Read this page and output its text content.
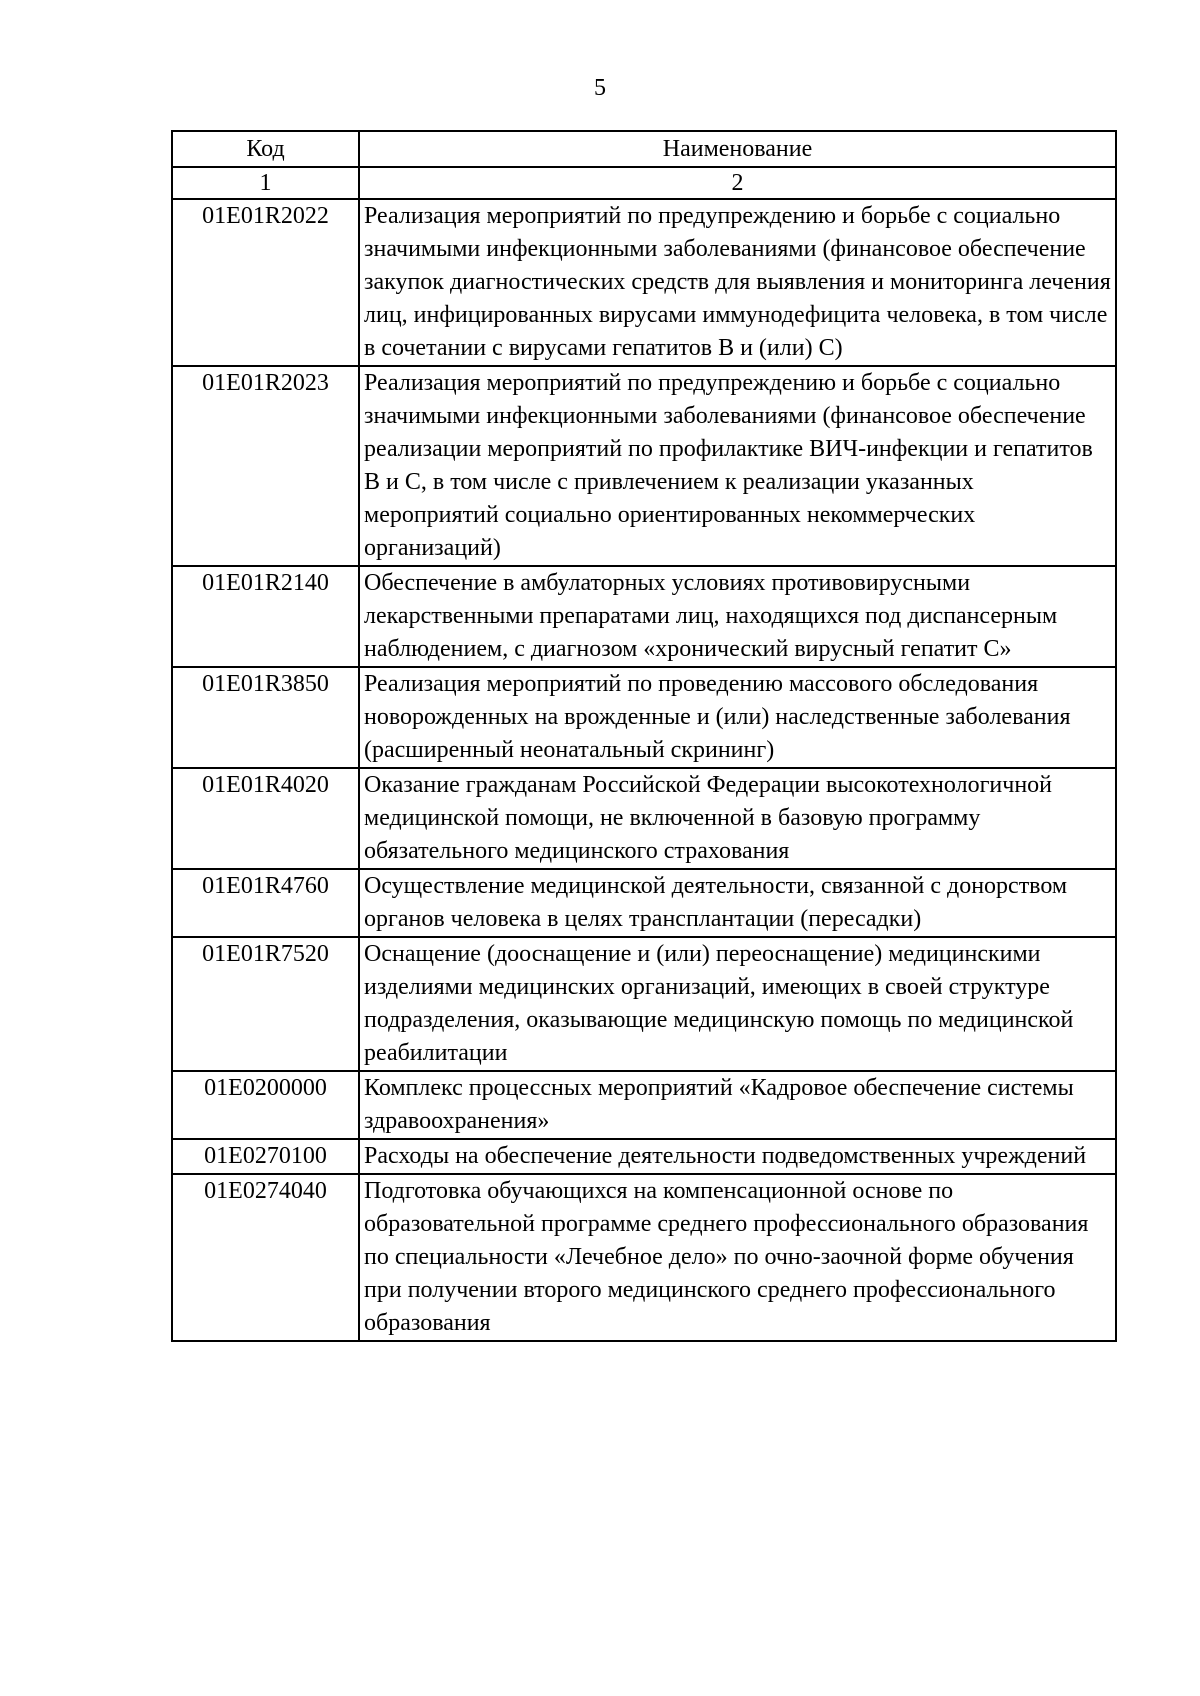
5
Код	Наименование
1	2
01E01R2022	Реализация мероприятий по предупреждению и борьбе с социально значимыми инфекционными заболеваниями (финансовое обеспечение закупок диагностических средств для выявления и мониторинга лечения лиц, инфицированных вирусами иммунодефицита человека, в том числе в сочетании с вирусами гепатитов В и (или) С)
01E01R2023	Реализация мероприятий по предупреждению и борьбе с социально значимыми инфекционными заболеваниями (финансовое обеспечение реализации мероприятий по профилактике ВИЧ-инфекции и гепатитов В и С, в том числе с привлечением к реализации указанных мероприятий социально ориентированных некоммерческих организаций)
01E01R2140	Обеспечение в амбулаторных условиях противовирусными лекарственными препаратами лиц, находящихся под диспансерным наблюдением, с диагнозом «хронический вирусный гепатит С»
01E01R3850	Реализация мероприятий по проведению массового обследования новорожденных на врожденные и (или) наследственные заболевания (расширенный неонатальный скрининг)
01E01R4020	Оказание гражданам Российской Федерации высокотехнологичной медицинской помощи, не включенной в базовую программу обязательного медицинского страхования
01E01R4760	Осуществление медицинской деятельности, связанной с донорством органов человека в целях трансплантации (пересадки)
01E01R7520	Оснащение (дооснащение и (или) переоснащение) медицинскими изделиями медицинских организаций, имеющих в своей структуре подразделения, оказывающие медицинскую помощь по медицинской реабилитации
01E0200000	Комплекс процессных мероприятий «Кадровое обеспечение системы здравоохранения»
01E0270100	Расходы на обеспечение деятельности подведомственных учреждений
01E0274040	Подготовка обучающихся на компенсационной основе по образовательной программе среднего профессионального образования по специальности «Лечебное дело» по очно-заочной форме обучения при получении второго медицинского среднего профессионального образования
